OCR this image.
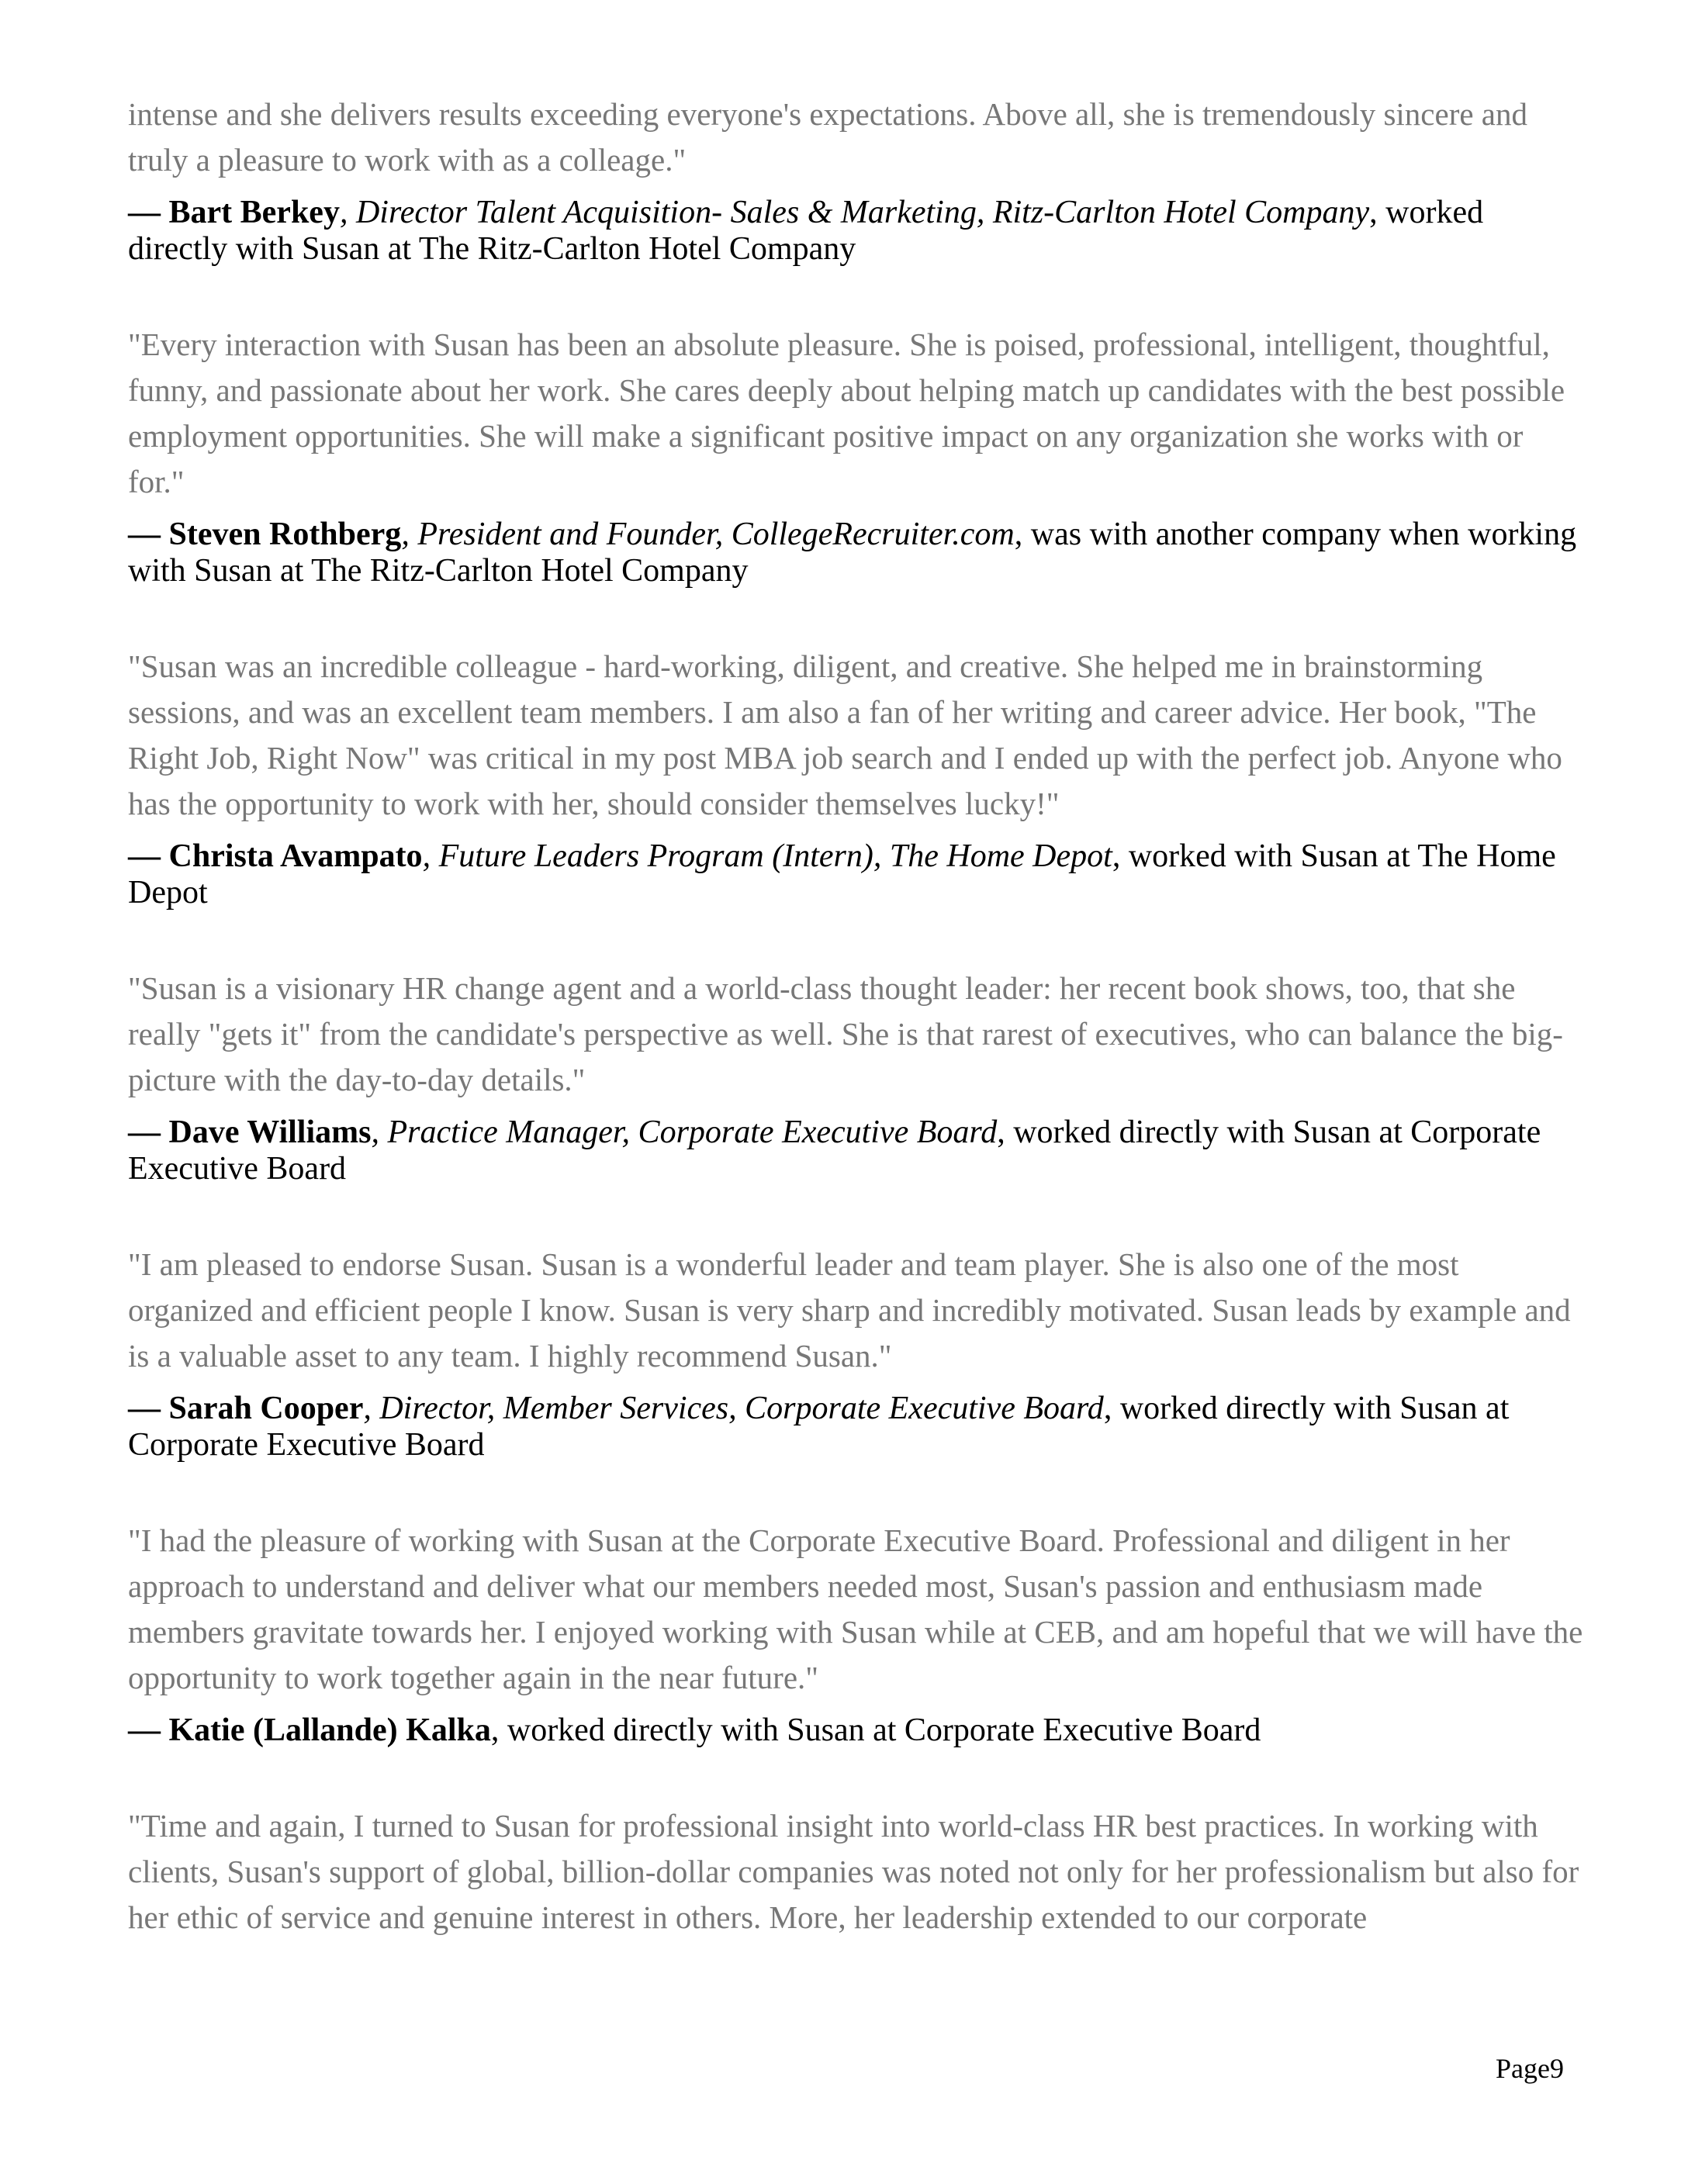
intense and she delivers results exceeding everyone's expectations. Above all, she is tremendously sincere and truly a pleasure to work with as a colleage."

— Bart Berkey, Director Talent Acquisition- Sales & Marketing, Ritz-Carlton Hotel Company, worked directly with Susan at The Ritz-Carlton Hotel Company

"Every interaction with Susan has been an absolute pleasure. She is poised, professional, intelligent, thoughtful, funny, and passionate about her work. She cares deeply about helping match up candidates with the best possible employment opportunities. She will make a significant positive impact on any organization she works with or for."

— Steven Rothberg, President and Founder, CollegeRecruiter.com, was with another company when working with Susan at The Ritz-Carlton Hotel Company

"Susan was an incredible colleague - hard-working, diligent, and creative. She helped me in brainstorming sessions, and was an excellent team members. I am also a fan of her writing and career advice. Her book, "The Right Job, Right Now" was critical in my post MBA job search and I ended up with the perfect job. Anyone who has the opportunity to work with her, should consider themselves lucky!"

— Christa Avampato, Future Leaders Program (Intern), The Home Depot, worked with Susan at The Home Depot

"Susan is a visionary HR change agent and a world-class thought leader: her recent book shows, too, that she really "gets it" from the candidate's perspective as well. She is that rarest of executives, who can balance the big-picture with the day-to-day details."

— Dave Williams, Practice Manager, Corporate Executive Board, worked directly with Susan at Corporate Executive Board

"I am pleased to endorse Susan. Susan is a wonderful leader and team player. She is also one of the most organized and efficient people I know. Susan is very sharp and incredibly motivated. Susan leads by example and is a valuable asset to any team. I highly recommend Susan."

— Sarah Cooper, Director, Member Services, Corporate Executive Board, worked directly with Susan at Corporate Executive Board

"I had the pleasure of working with Susan at the Corporate Executive Board. Professional and diligent in her approach to understand and deliver what our members needed most, Susan's passion and enthusiasm made members gravitate towards her. I enjoyed working with Susan while at CEB, and am hopeful that we will have the opportunity to work together again in the near future."

— Katie (Lallande) Kalka, worked directly with Susan at Corporate Executive Board

"Time and again, I turned to Susan for professional insight into world-class HR best practices. In working with clients, Susan's support of global, billion-dollar companies was noted not only for her professionalism but also for her ethic of service and genuine interest in others. More, her leadership extended to our corporate

Page9
